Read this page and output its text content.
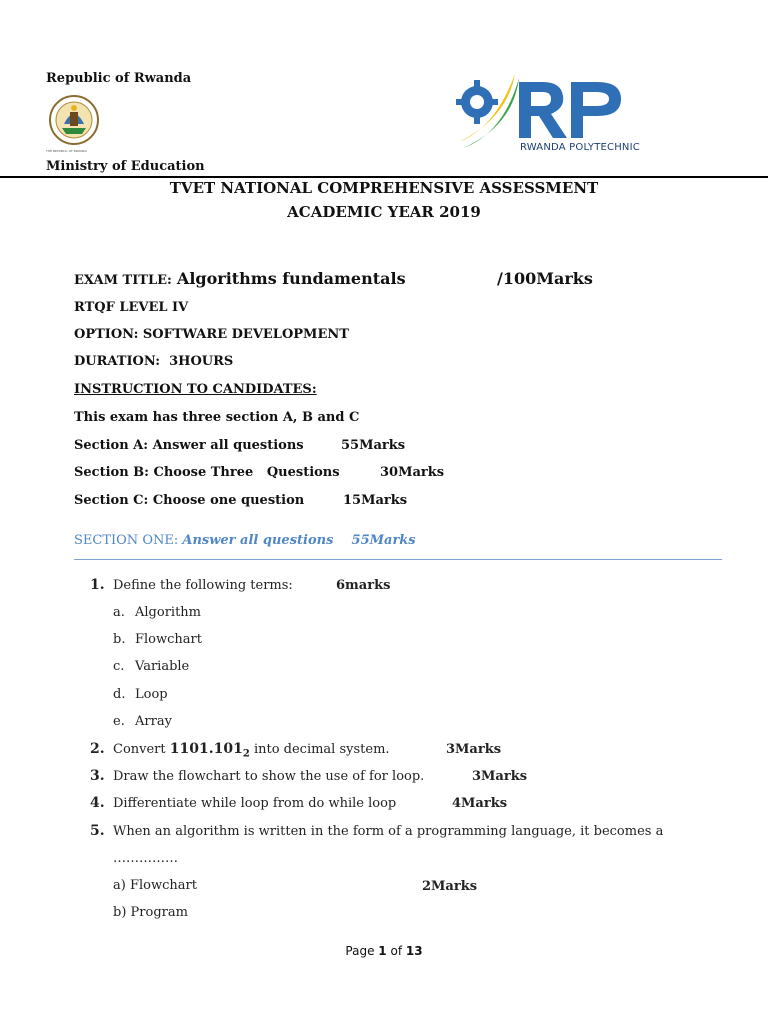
Republic of Rwanda
THE REPUBLIC OF RWANDA
Ministry of Education
RWANDA POLYTECHNIC
TVET NATIONAL COMPREHENSIVE ASSESSMENT
ACADEMIC YEAR 2019
EXAM TITLE: Algorithms fundamentals	/100Marks
RTQF LEVEL IV
OPTION: SOFTWARE DEVELOPMENT
DURATION:  3HOURS
INSTRUCTION TO CANDIDATES:
This exam has three section A, B and C
Section A: Answer all questions	55Marks
Section B: Choose Three   Questions	30Marks
Section C: Choose one question	15Marks
SECTION ONE: Answer all questions 55Marks
1. Define the following terms:	6marks
a. Algorithm
b. Flowchart
c. Variable
d. Loop
e. Array
2. Convert $1101.101_2$ into decimal system.	3Marks
3. Draw the flowchart to show the use of for loop.	3Marks
4. Differentiate while loop from do while loop	4Marks
5. When an algorithm is written in the form of a programming language, it becomes a
……………
a) Flowchart	2Marks
b) Program
Page 1 of 13
